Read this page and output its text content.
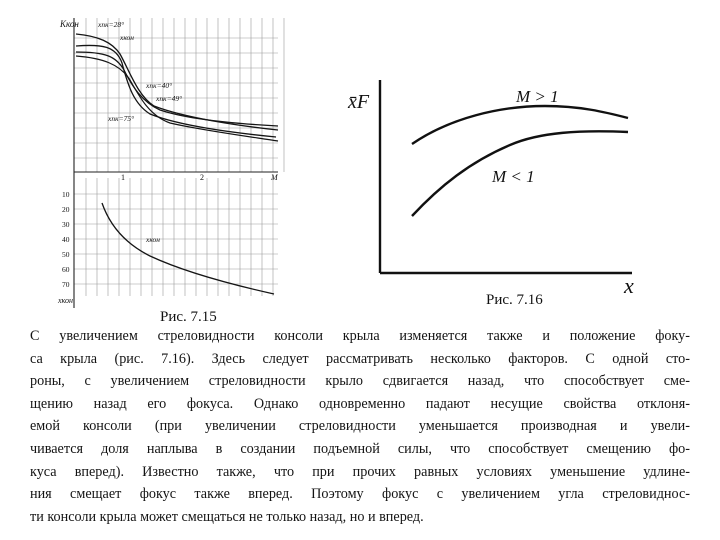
Kкон	xпк=28°
xкон
xпк=40°
xпк=49°
xпк=75°
1	2	M
10
20
30
40
50
60
70
xкон
xкон
x̄F
x
M > 1
M < 1
Рис. 7.16
Рис. 7.15

С увеличением стреловидности консоли крыла изменяется также и положение фоку-
са крыла (рис. 7.16). Здесь следует рассматривать несколько факторов. С одной сто-
роны, с увеличением стреловидности крыло сдвигается назад, что способствует сме-
щению назад его фокуса. Однако одновременно падают несущие свойства отклоня-
емой консоли (при увеличении стреловидности уменьшается производная и увели-
чивается доля наплыва в создании подъемной силы, что способствует смещению фо-
куса вперед). Известно также, что при прочих равных условиях уменьшение удлине-
ния смещает фокус также вперед. Поэтому фокус с увеличением угла стреловиднос-
ти консоли крыла может смещаться не только назад, но и вперед.
